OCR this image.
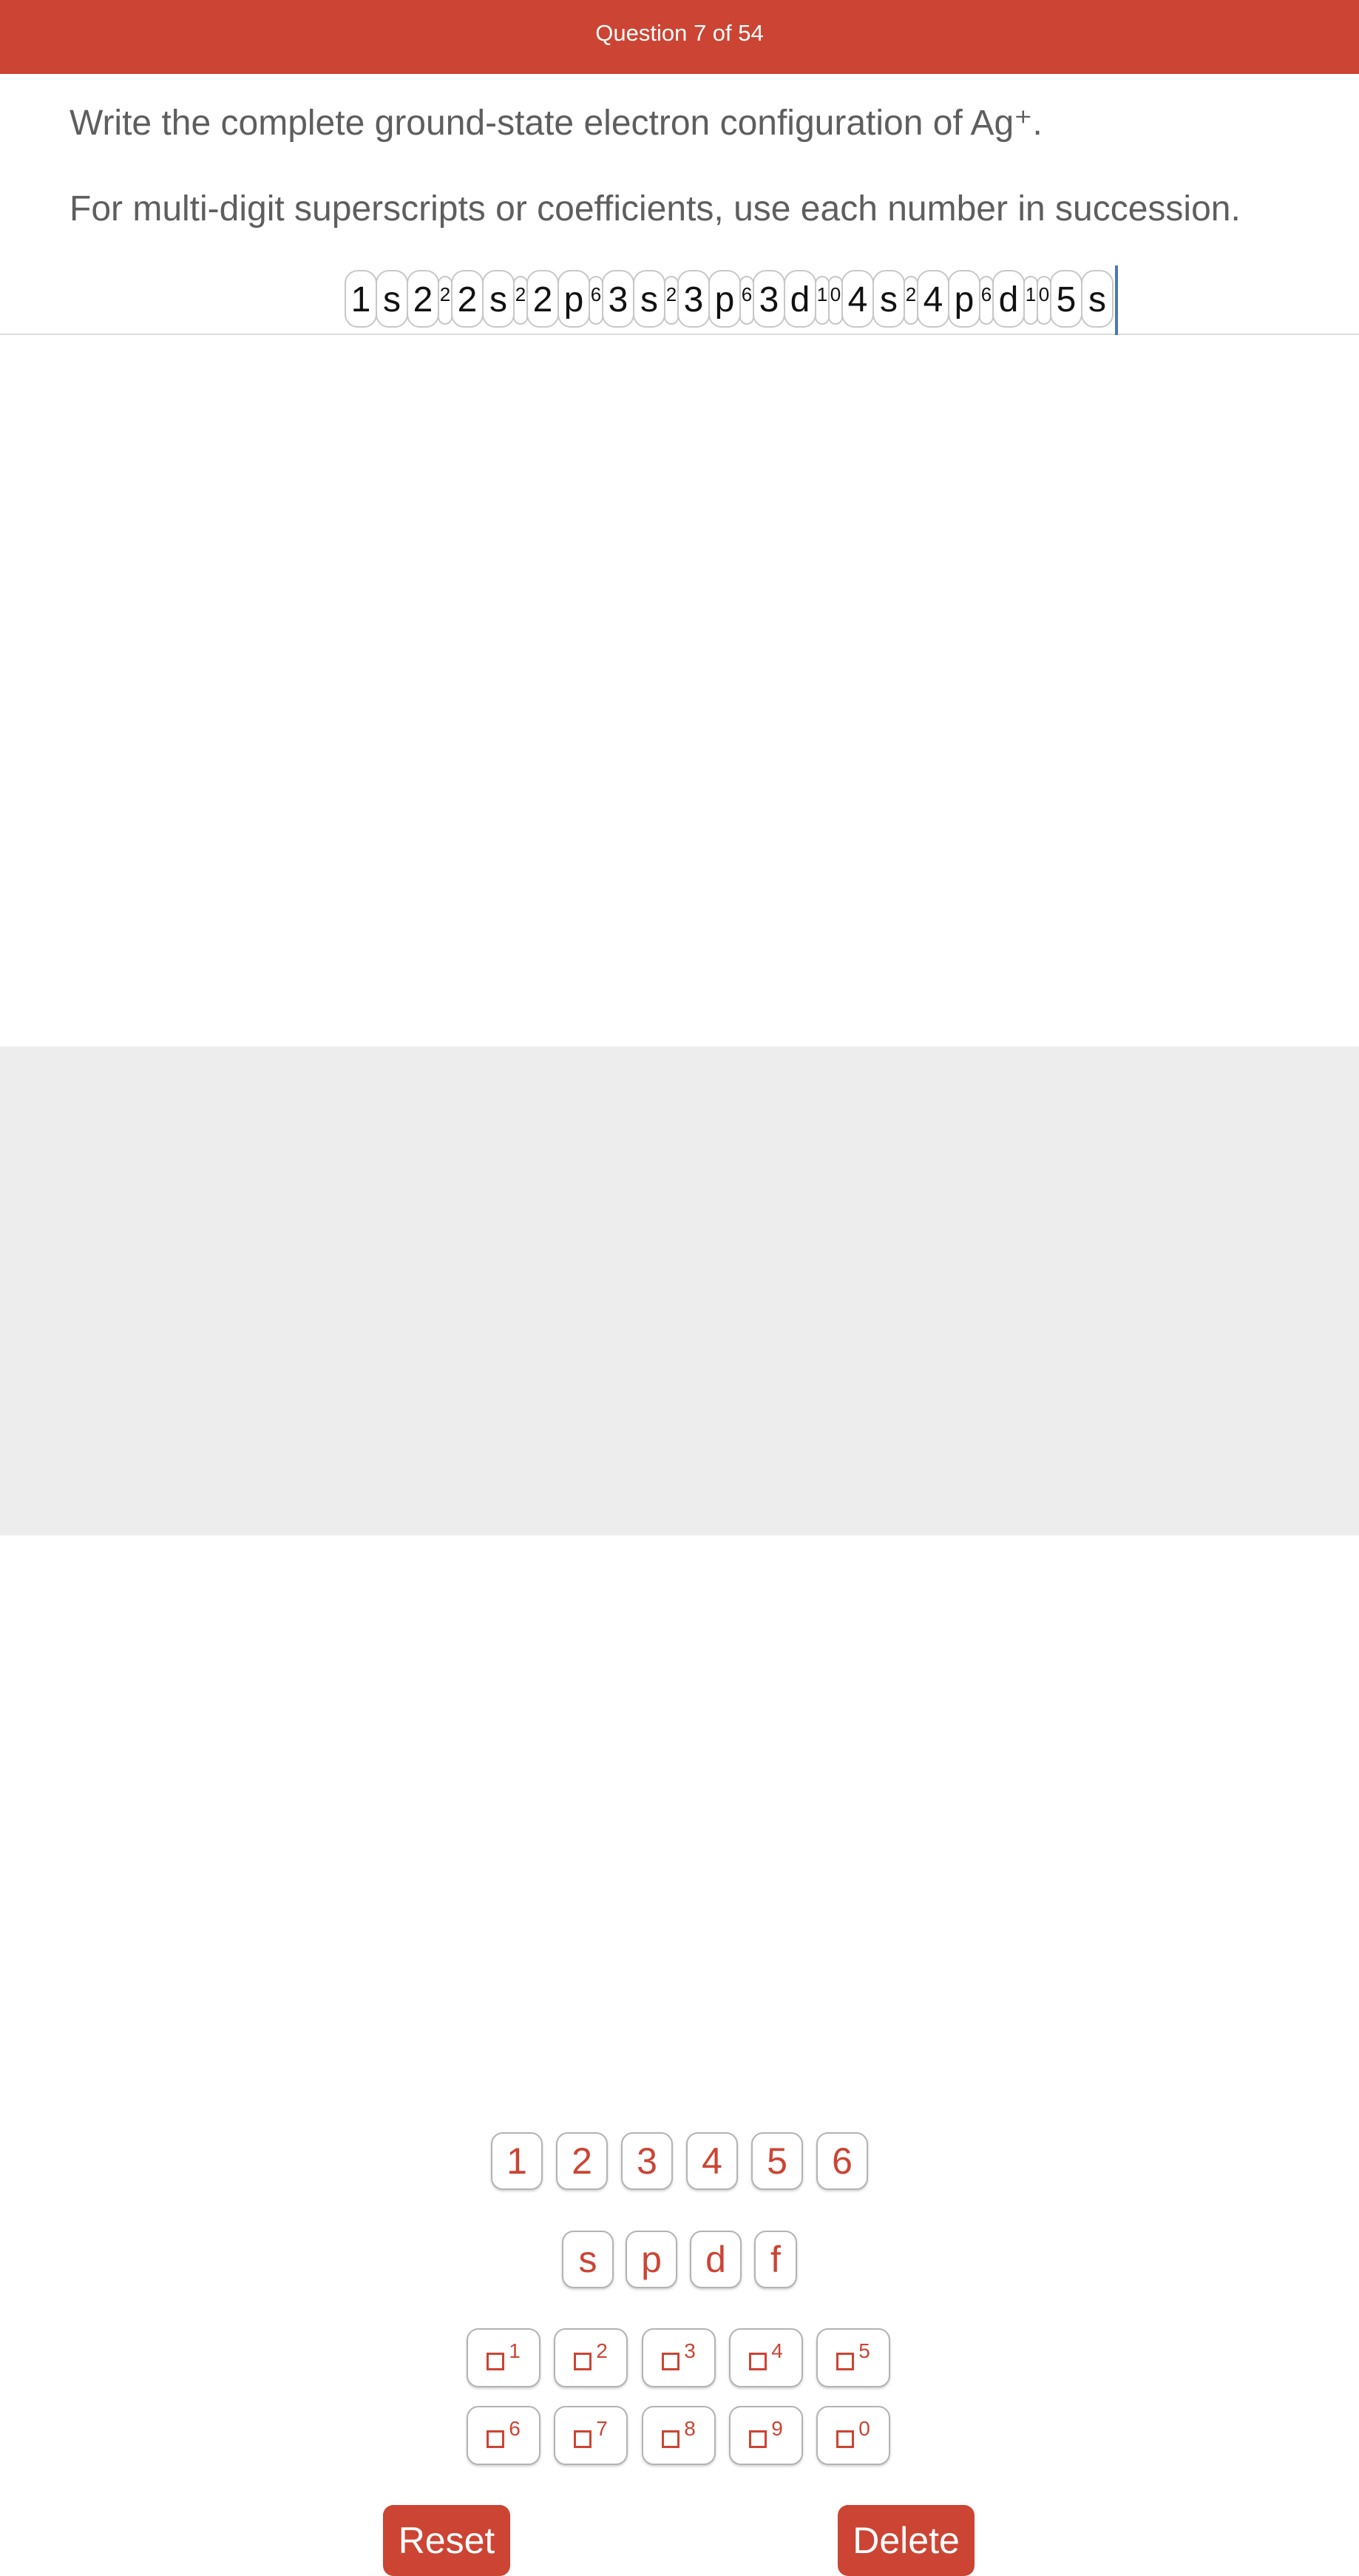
Question 7 of 54
Write the complete ground-state electron configuration of Ag⁺.
For multi-digit superscripts or coefficients, use each number in succession.
1 s 2 2 2 s 2 2 p 6 3 s 2 3 p 6 3 d 1 0 4 s 2 4 p 6 d 1 0 5 s
1	2	3	4	5	6
s	p	d	f
1	2	3	4	5
6	7	8	9	0
Reset	Delete
